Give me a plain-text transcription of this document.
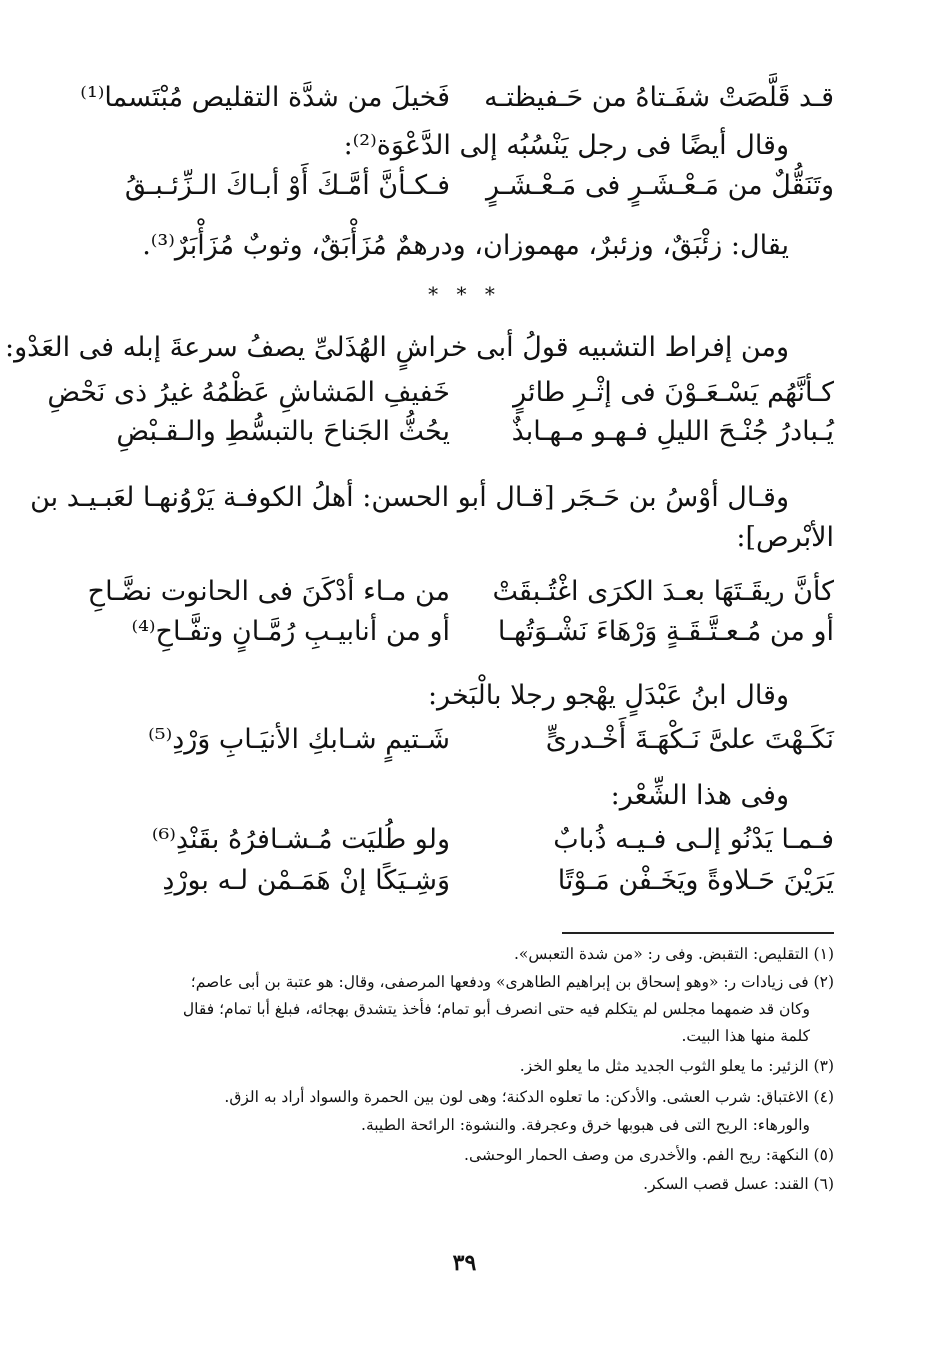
قـد قَلَّصَتْ شفَـتاهُ من حَـفيظتـه
فَخيلَ من شدَّة التقليص مُبْتَسما⁽¹⁾
وقال أيضًا فى رجل يَنْسُبُه إلى الدَّعْوَة⁽²⁾:
وتَنَقُّلٌ من مَـعْـشَـرٍ فى مَـعْـشَـرٍ
فـكـأنَّ أمَّـكَ أَوْ أبـاكَ الـزِّئـبـقُ
يقال: زئْبَقٌ، وزئبرٌ، مهموزان، ودرهمٌ مُزَأْبَقٌ، وثوبٌ مُزَأْبَرٌ⁽³⁾.
* * *
ومن إفراط التشبيه قولُ أبى خراشٍ الهُذَلىِّ يصفُ سرعةَ إبله فى العَدْو:
كـأنَّهُم يَسْـعَـوْنَ فى إثْـرِ طائرٍ
خَفيفِ المَشاشِ عَظْمُهُ غيرُ ذى نَحْضِ
يُـبادرُ جُنْـحَ الليلِ فـهـو مـهـابذٌ
يحُثُّ الجَناحَ بالتبسُّطِ والـقـبْضِ
وقـال أوْسُ بن حَـجَر [قـال أبو الحسن: أهلُ الكوفـة يَرْوُنهـا لعَبـيـد بن
الأبْرص]:
كأنَّ ريقَـتَهَا بعـدَ الكرَى اغْتُـبقَتْ
من مـاء أدْكَنَ فى الحانوت نضَّـاحِ
أو من مُـعـتَّـقَـةٍ وَرْهَاءَ نَشْـوَتُهـا
أو من أنابيـبِ رُمَّـانٍ وتفَّـاحِ⁽⁴⁾
وقال ابنُ عَبْدَلٍ يهْجو رجلا بالْبَخر:
نَكَـهْتَ علىَّ نَـكْهَـةَ أَخْـدرىٍّ
شَـتيمٍ شـابكِ الأنيَـابِ وَرْدِ⁽⁵⁾
وفى هذا الشِّعْر:
فـمـا يَدْنُو إلـى فـيـه ذُبابٌ
ولو طُليَت مُـشـافرُهُ بقَنْدِ⁽⁶⁾
يَرَيْنَ حَـلاوةً ويَخَـفْن مَـوْتًا
وَشِـيَكًا إنْ هَمَـمْن لـه بورْدِ
(١) التقليص: التقبض. وفى ر: «من شدة التعبس».
(٢) فى زيادات ر: «وهو إسحاق بن إبراهيم الطاهرى» ودفعها المرصفى، وقال: هو عتبة بن أبى عاصم؛
وكان قد ضمهما مجلس لم يتكلم فيه حتى انصرف أبو تمام؛ فأخذ يتشدق بهجائه، فبلغ أبا تمام؛ فقال
كلمة منها هذا البيت.
(٣) الزئير: ما يعلو الثوب الجديد مثل ما يعلو الخز.
(٤) الاغتباق: شرب العشى. والأدكن: ما تعلوه الدكنة؛ وهى لون بين الحمرة والسواد أراد به الزق.
والورهاء: الريح التى فى هبوبها خرق وعجرفة. والنشوة: الرائحة الطيبة.
(٥) النكهة: ريح الفم. والأخدرى من وصف الحمار الوحشى.
(٦) القند: عسل قصب السكر.
٣٩
